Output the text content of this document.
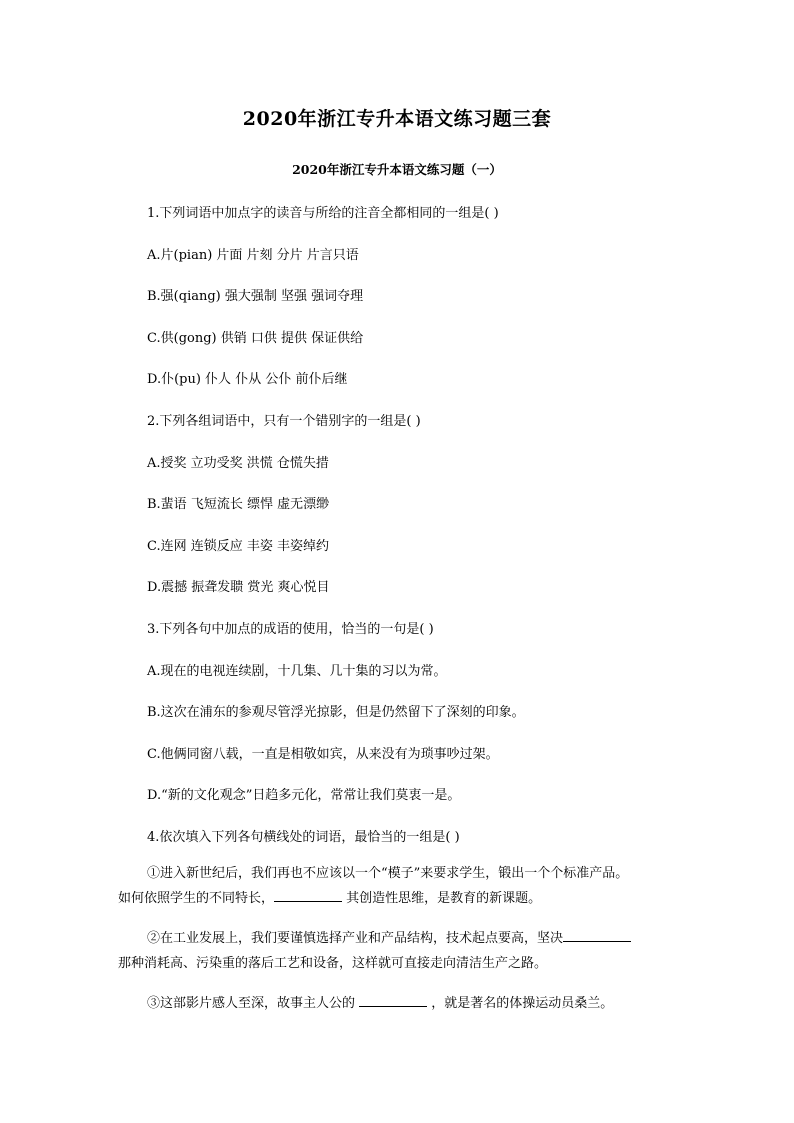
2020年浙江专升本语文练习题三套
2020年浙江专升本语文练习题（一）
1.下列词语中加点字的读音与所给的注音全都相同的一组是( )
A.片(pian) 片面 片刻 分片 片言只语
B.强(qiang) 强大强制 坚强 强词夺理
C.供(gong) 供销 口供 提供 保证供给
D.仆(pu) 仆人 仆从 公仆 前仆后继
2.下列各组词语中，只有一个错别字的一组是( )
A.授奖 立功受奖 洪慌 仓慌失措
B.蜚语 飞短流长 缥悍 虚无漂缈
C.连网 连锁反应 丰姿 丰姿绰约
D.震撼 振聋发聩 赏光 爽心悦目
3.下列各句中加点的成语的使用，恰当的一句是( )
A.现在的电视连续剧，十几集、几十集的习以为常。
B.这次在浦东的参观尽管浮光掠影，但是仍然留下了深刻的印象。
C.他俩同窗八载，一直是相敬如宾，从来没有为琐事吵过架。
D.“新的文化观念”日趋多元化，常常让我们莫衷一是。
4.依次填入下列各句横线处的词语，最恰当的一组是( )
①进入新世纪后，我们再也不应该以一个“模子”来要求学生，锻出一个个标准产品。
如何依照学生的不同特长，	其创造性思维，是教育的新课题。
②在工业发展上，我们要谨慎选择产业和产品结构，技术起点要高，坚决
那种消耗高、污染重的落后工艺和设备，这样就可直接走向清洁生产之路。
③这部影片感人至深，故事主人公的	，就是著名的体操运动员桑兰。
